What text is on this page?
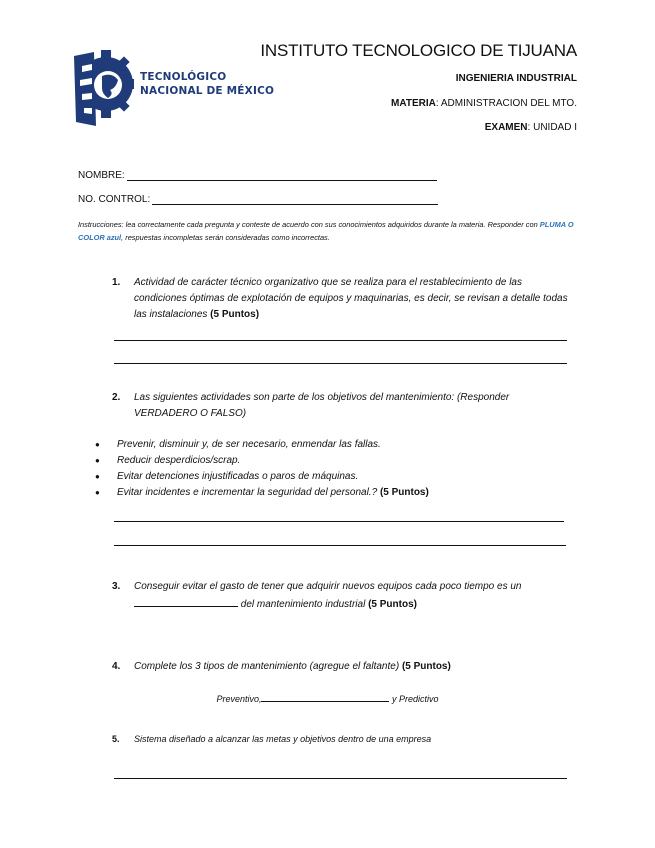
TECNOLÓGICO
NACIONAL DE MÉXICO
INSTITUTO TECNOLOGICO DE TIJUANA
INGENIERIA INDUSTRIAL
MATERIA: ADMINISTRACION DEL MTO.
EXAMEN: UNIDAD I
NOMBRE:
NO. CONTROL:
Instrucciones: lea correctamente cada pregunta y conteste de acuerdo con sus conocimientos adquiridos durante la materia. Responder con PLUMA O COLOR azul, respuestas incompletas serán consideradas como incorrectas.
1. Actividad de carácter técnico organizativo que se realiza para el restablecimiento de las condiciones óptimas de explotación de equipos y maquinarias, es decir, se revisan a detalle todas las instalaciones (5 Puntos)
2. Las siguientes actividades son parte de los objetivos del mantenimiento: (Responder VERDADERO O FALSO)
●	Prevenir, disminuir y, de ser necesario, enmendar las fallas.
●	Reducir desperdicios/scrap.
●	Evitar detenciones injustificadas o paros de máquinas.
●	Evitar incidentes e incrementar la seguridad del personal.? (5 Puntos)
3. Conseguir evitar el gasto de tener que adquirir nuevos equipos cada poco tiempo es un  del mantenimiento industrial (5 Puntos)
4. Complete los 3 tipos de mantenimiento (agregue el faltante) (5 Puntos)
Preventivo,	y Predictivo
5. Sistema diseñado a alcanzar las metas y objetivos dentro de una empresa
